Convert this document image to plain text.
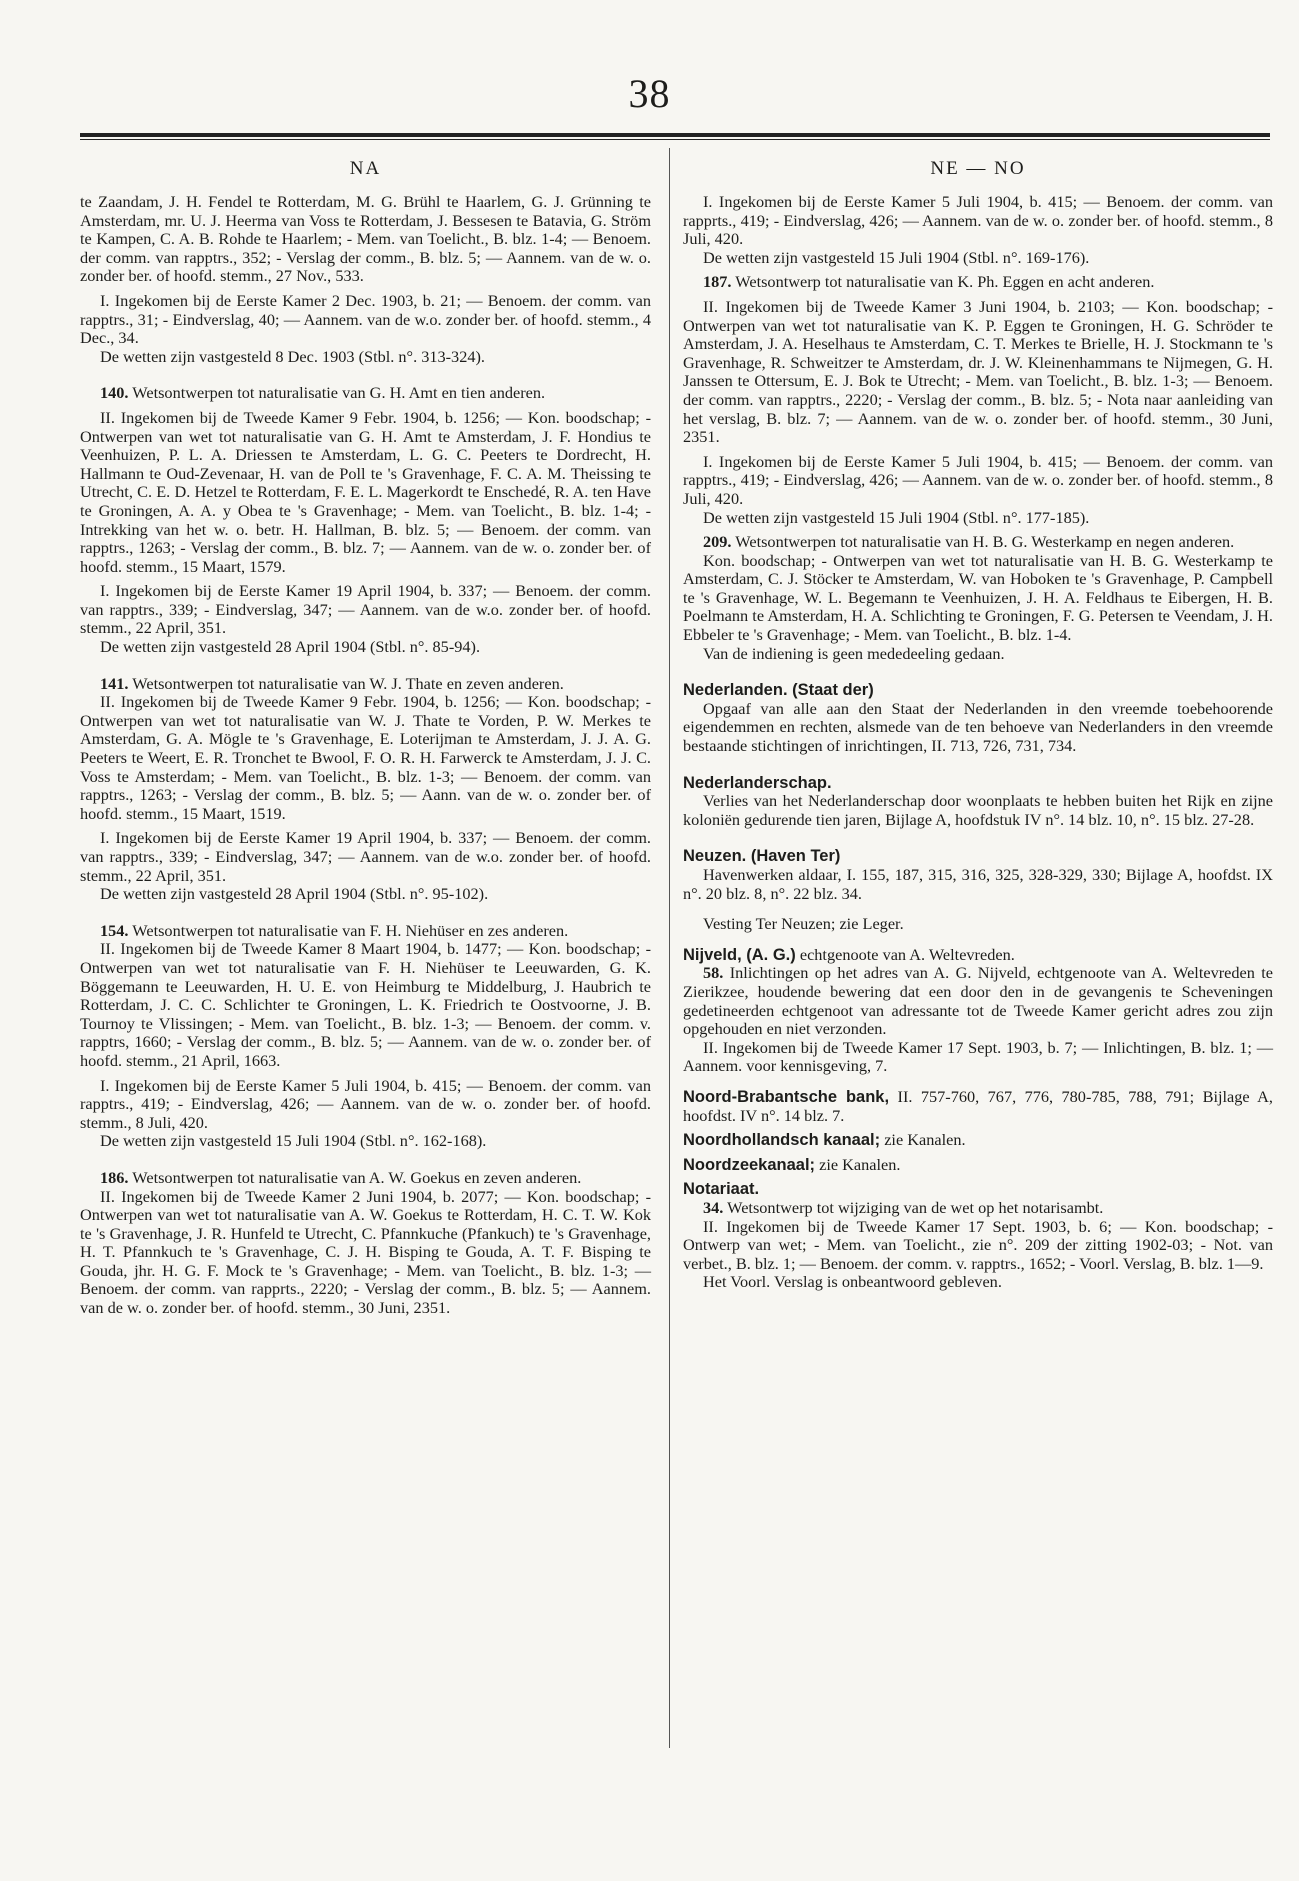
38
NA
te Zaandam, J. H. Fendel te Rotterdam, M. G. Brühl te Haarlem, G. J. Grünning te Amsterdam, mr. U. J. Heerma van Voss te Rotterdam, J. Bessesen te Batavia, G. Ström te Kampen, C. A. B. Rohde te Haarlem; - Mem. van Toelicht., B. blz. 1-4; — Benoem. der comm. van rapptrs., 352; - Verslag der comm., B. blz. 5; — Aannem. van de w. o. zonder ber. of hoofd. stemm., 27 Nov., 533.
I. Ingekomen bij de Eerste Kamer 2 Dec. 1903, b. 21; — Benoem. der comm. van rapptrs., 31; - Eindverslag, 40; — Aannem. van de w.o. zonder ber. of hoofd. stemm., 4 Dec., 34.
De wetten zijn vastgesteld 8 Dec. 1903 (Stbl. n°. 313-324).
140. Wetsontwerpen tot naturalisatie van G. H. Amt en tien anderen.
II. Ingekomen bij de Tweede Kamer 9 Febr. 1904, b. 1256; — Kon. boodschap; - Ontwerpen van wet tot naturalisatie van G. H. Amt te Amsterdam, J. F. Hondius te Veenhuizen, P. L. A. Driessen te Amsterdam, L. G. C. Peeters te Dordrecht, H. Hallmann te Oud-Zevenaar, H. van de Poll te 's Gravenhage, F. C. A. M. Theissing te Utrecht, C. E. D. Hetzel te Rotterdam, F. E. L. Magerkordt te Enschedé, R. A. ten Have te Groningen, A. A. y Obea te 's Gravenhage; - Mem. van Toelicht., B. blz. 1-4; - Intrekking van het w. o. betr. H. Hallman, B. blz. 5; — Benoem. der comm. van rapptrs., 1263; - Verslag der comm., B. blz. 7; — Aannem. van de w. o. zonder ber. of hoofd. stemm., 15 Maart, 1579.
I. Ingekomen bij de Eerste Kamer 19 April 1904, b. 337; — Benoem. der comm. van rapptrs., 339; - Eindverslag, 347; — Aannem. van de w.o. zonder ber. of hoofd. stemm., 22 April, 351.
De wetten zijn vastgesteld 28 April 1904 (Stbl. n°. 85-94).
141. Wetsontwerpen tot naturalisatie van W. J. Thate en zeven anderen.
II. Ingekomen bij de Tweede Kamer 9 Febr. 1904, b. 1256; — Kon. boodschap; - Ontwerpen van wet tot naturalisatie van W. J. Thate te Vorden, P. W. Merkes te Amsterdam, G. A. Mögle te 's Gravenhage, E. Loterijman te Amsterdam, J. J. A. G. Peeters te Weert, E. R. Tronchet te Bwool, F. O. R. H. Farwerck te Amsterdam, J. J. C. Voss te Amsterdam; - Mem. van Toelicht., B. blz. 1-3; — Benoem. der comm. van rapptrs., 1263; - Verslag der comm., B. blz. 5; — Aann. van de w. o. zonder ber. of hoofd. stemm., 15 Maart, 1519.
I. Ingekomen bij de Eerste Kamer 19 April 1904, b. 337; — Benoem. der comm. van rapptrs., 339; - Eindverslag, 347; — Aannem. van de w.o. zonder ber. of hoofd. stemm., 22 April, 351.
De wetten zijn vastgesteld 28 April 1904 (Stbl. n°. 95-102).
154. Wetsontwerpen tot naturalisatie van F. H. Niehüser en zes anderen.
II. Ingekomen bij de Tweede Kamer 8 Maart 1904, b. 1477; — Kon. boodschap; - Ontwerpen van wet tot naturalisatie van F. H. Niehüser te Leeuwarden, G. K. Böggemann te Leeuwarden, H. U. E. von Heimburg te Middelburg, J. Haubrich te Rotterdam, J. C. C. Schlichter te Groningen, L. K. Friedrich te Oostvoorne, J. B. Tournoy te Vlissingen; - Mem. van Toelicht., B. blz. 1-3; — Benoem. der comm. v. rapptrs, 1660; - Verslag der comm., B. blz. 5; — Aannem. van de w. o. zonder ber. of hoofd. stemm., 21 April, 1663.
I. Ingekomen bij de Eerste Kamer 5 Juli 1904, b. 415; — Benoem. der comm. van rapptrs., 419; - Eindverslag, 426; — Aannem. van de w. o. zonder ber. of hoofd. stemm., 8 Juli, 420.
De wetten zijn vastgesteld 15 Juli 1904 (Stbl. n°. 162-168).
186. Wetsontwerpen tot naturalisatie van A. W. Goekus en zeven anderen.
II. Ingekomen bij de Tweede Kamer 2 Juni 1904, b. 2077; — Kon. boodschap; - Ontwerpen van wet tot naturalisatie van A. W. Goekus te Rotterdam, H. C. T. W. Kok te 's Gravenhage, J. R. Hunfeld te Utrecht, C. Pfannkuche (Pfankuch) te 's Gravenhage, H. T. Pfannkuch te 's Gravenhage, C. J. H. Bisping te Gouda, A. T. F. Bisping te Gouda, jhr. H. G. F. Mock te 's Gravenhage; - Mem. van Toelicht., B. blz. 1-3; — Benoem. der comm. van rapprts., 2220; - Verslag der comm., B. blz. 5; — Aannem. van de w. o. zonder ber. of hoofd. stemm., 30 Juni, 2351.
NE — NO
I. Ingekomen bij de Eerste Kamer 5 Juli 1904, b. 415; — Benoem. der comm. van rapprts., 419; - Eindverslag, 426; — Aannem. van de w. o. zonder ber. of hoofd. stemm., 8 Juli, 420.
De wetten zijn vastgesteld 15 Juli 1904 (Stbl. n°. 169-176).
187. Wetsontwerp tot naturalisatie van K. Ph. Eggen en acht anderen.
II. Ingekomen bij de Tweede Kamer 3 Juni 1904, b. 2103; — Kon. boodschap; - Ontwerpen van wet tot naturalisatie van K. P. Eggen te Groningen, H. G. Schröder te Amsterdam, J. A. Heselhaus te Amsterdam, C. T. Merkes te Brielle, H. J. Stockmann te 's Gravenhage, R. Schweitzer te Amsterdam, dr. J. W. Kleinenhammans te Nijmegen, G. H. Janssen te Ottersum, E. J. Bok te Utrecht; - Mem. van Toelicht., B. blz. 1-3; — Benoem. der comm. van rapptrs., 2220; - Verslag der comm., B. blz. 5; - Nota naar aanleiding van het verslag, B. blz. 7; — Aannem. van de w. o. zonder ber. of hoofd. stemm., 30 Juni, 2351.
I. Ingekomen bij de Eerste Kamer 5 Juli 1904, b. 415; — Benoem. der comm. van rapptrs., 419; - Eindverslag, 426; — Aannem. van de w. o. zonder ber. of hoofd. stemm., 8 Juli, 420.
De wetten zijn vastgesteld 15 Juli 1904 (Stbl. n°. 177-185).
209. Wetsontwerpen tot naturalisatie van H. B. G. Westerkamp en negen anderen.
Kon. boodschap; - Ontwerpen van wet tot naturalisatie van H. B. G. Westerkamp te Amsterdam, C. J. Stöcker te Amsterdam, W. van Hoboken te 's Gravenhage, P. Campbell te 's Gravenhage, W. L. Begemann te Veenhuizen, J. H. A. Feldhaus te Eibergen, H. B. Poelmann te Amsterdam, H. A. Schlichting te Groningen, F. G. Petersen te Veendam, J. H. Ebbeler te 's Gravenhage; - Mem. van Toelicht., B. blz. 1-4.
Van de indiening is geen mededeeling gedaan.
Nederlanden. (Staat der)
Opgaaf van alle aan den Staat der Nederlanden in den vreemde toebehoorende eigendemmen en rechten, alsmede van de ten behoeve van Nederlanders in den vreemde bestaande stichtingen of inrichtingen, II. 713, 726, 731, 734.
Nederlanderschap.
Verlies van het Nederlanderschap door woonplaats te hebben buiten het Rijk en zijne koloniën gedurende tien jaren, Bijlage A, hoofdstuk IV n°. 14 blz. 10, n°. 15 blz. 27-28.
Neuzen. (Haven Ter)
Havenwerken aldaar, I. 155, 187, 315, 316, 325, 328-329, 330; Bijlage A, hoofdst. IX n°. 20 blz. 8, n°. 22 blz. 34.
Vesting Ter Neuzen; zie Leger.
Nijveld, (A. G.) echtgenoote van A. Weltevreden.
58. Inlichtingen op het adres van A. G. Nijveld, echtgenoote van A. Weltevreden te Zierikzee, houdende bewering dat een door den in de gevangenis te Scheveningen gedetineerden echtgenoot van adressante tot de Tweede Kamer gericht adres zou zijn opgehouden en niet verzonden.
II. Ingekomen bij de Tweede Kamer 17 Sept. 1903, b. 7; — Inlichtingen, B. blz. 1; — Aannem. voor kennisgeving, 7.
Noord-Brabantsche bank, II. 757-760, 767, 776, 780-785, 788, 791; Bijlage A, hoofdst. IV n°. 14 blz. 7.
Noordhollandsch kanaal; zie Kanalen.
Noordzeekanaal; zie Kanalen.
Notariaat.
34. Wetsontwerp tot wijziging van de wet op het notarisambt.
II. Ingekomen bij de Tweede Kamer 17 Sept. 1903, b. 6; — Kon. boodschap; - Ontwerp van wet; - Mem. van Toelicht., zie n°. 209 der zitting 1902-03; - Not. van verbet., B. blz. 1; — Benoem. der comm. v. rapptrs., 1652; - Voorl. Verslag, B. blz. 1—9.
Het Voorl. Verslag is onbeantwoord gebleven.
